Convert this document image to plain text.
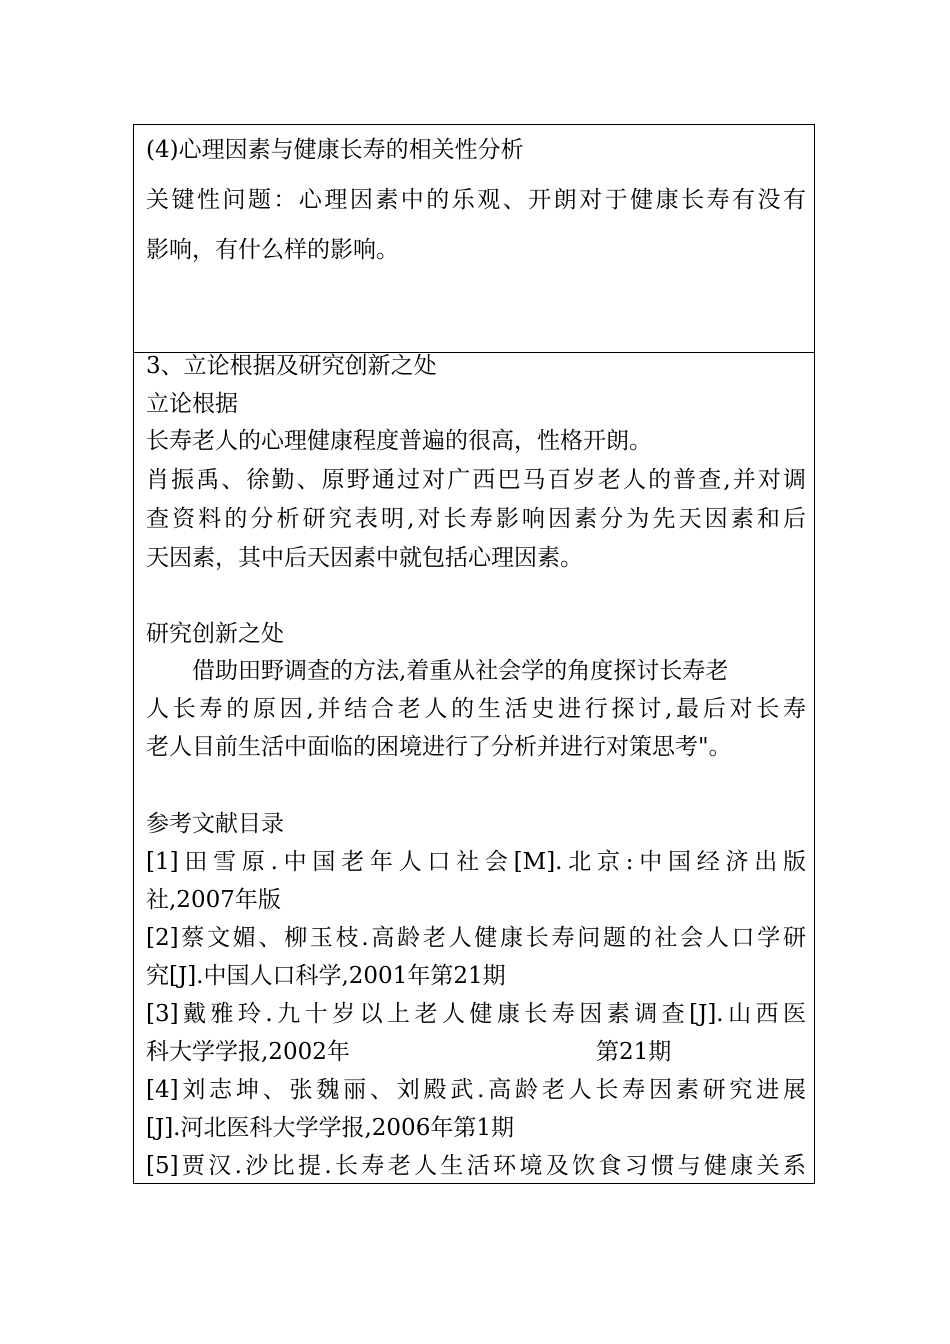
(4)心理因素与健康长寿的相关性分析
关键性问题：心理因素中的乐观、开朗对于健康长寿有没有
影响，有什么样的影响。
3、立论根据及研究创新之处
立论根据
长寿老人的心理健康程度普遍的很高，性格开朗。
肖振禹、徐勤、原野通过对广西巴马百岁老人的普查,并对调
查资料的分析研究表明,对长寿影响因素分为先天因素和后
天因素，其中后天因素中就包括心理因素。
研究创新之处
借助田野调查的方法,着重从社会学的角度探讨长寿老
人长寿的原因,并结合老人的生活史进行探讨,最后对长寿
老人目前生活中面临的困境进行了分析并进行对策思考"。
参考文献目录
[1]田雪原.中国老年人口社会[M].北京:中国经济出版
社,2007年版
[2]蔡文媚、柳玉枝.高龄老人健康长寿问题的社会人口学研
究[J].中国人口科学,2001年第21期
[3]戴雅玲.九十岁以上老人健康长寿因素调查[J].山西医
科大学学报,2002年	第21期
[4]刘志坤、张魏丽、刘殿武.高龄老人长寿因素研究进展
[J].河北医科大学学报,2006年第1期
[5]贾汉.沙比提.长寿老人生活环境及饮食习惯与健康关系
